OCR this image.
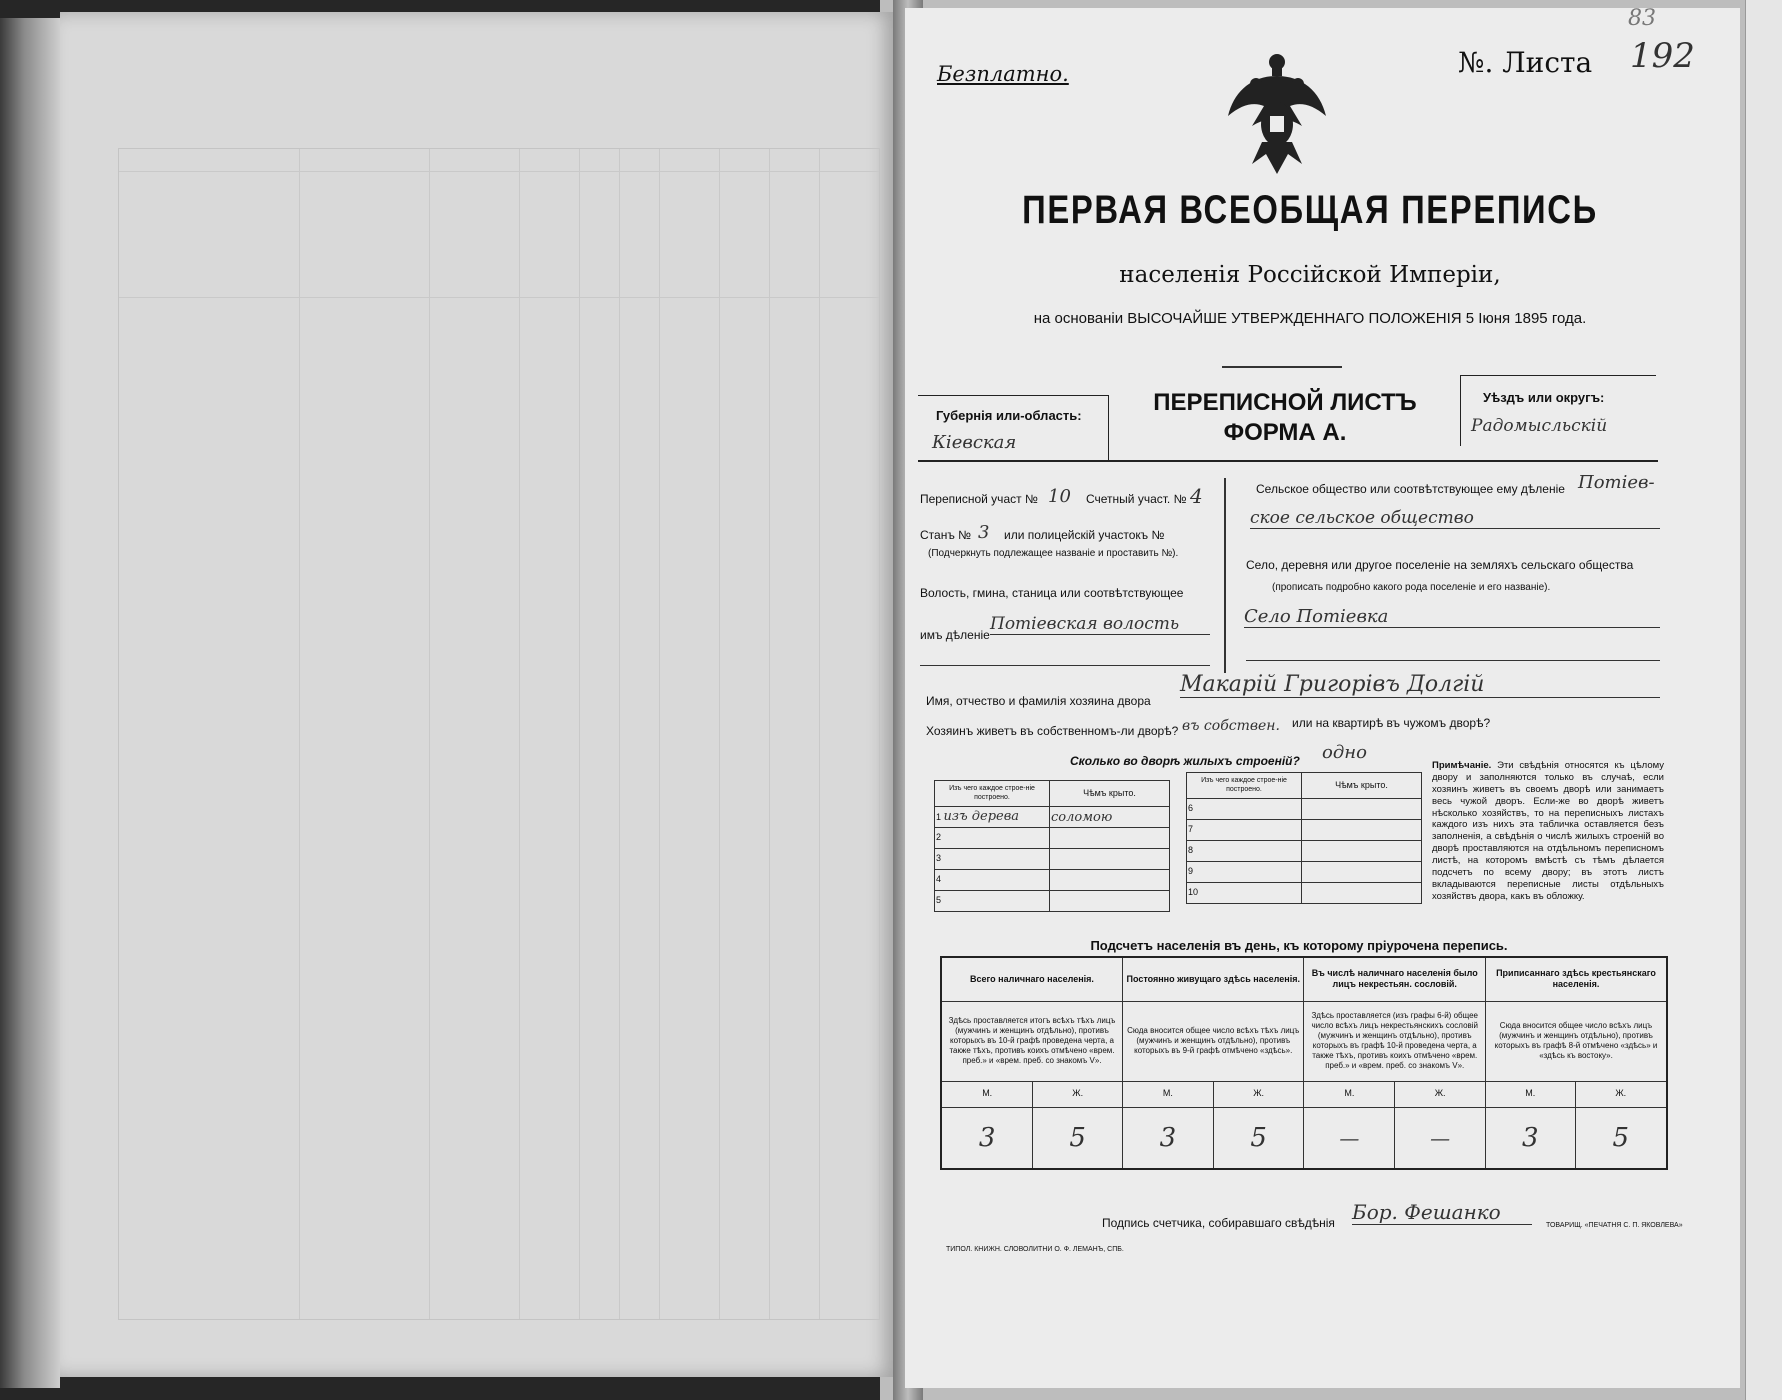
Безплатно.	№. Листа 192
83
ПЕРВАЯ ВСЕОБЩАЯ ПЕРЕПИСЬ
населенія Россійской Имперіи,
на основаніи ВЫСОЧАЙШЕ УТВЕРЖДЕННАГО ПОЛОЖЕНІЯ 5 Іюня 1895 года.
Губернія или-область:
Кіевская
ПЕРЕПИСНОЙ ЛИСТЪ
ФОРМА А.
Уѣздъ или округъ:
Радомысльскій
Переписной участ № 10 Счетный участ. № 4
Станъ № 3 или полицейскій участокъ №
(Подчеркнуть подлежащее названіе и проставить №).
Волость, гмина, станица или соотвѣтствующее
имъ дѣленіе
Потіевская волость
Сельское общество или соотвѣтствующее ему дѣленіе Потіев-
ское сельское общество
Село, деревня или другое поселеніе на земляхъ сельскаго общества
(прописать подробно какого рода поселеніе и его названіе).
Село Потіевка
Имя, отчество и фамилія хозяина двора
Макарій Григорівъ Долгій
Хозяинъ живетъ въ собственномъ-ли дворѣ? въ собствен. или на квартирѣ въ чужомъ дворѣ?
Сколько во дворѣ жилыхъ строеній? одно
Изъ чего каждое строе-ніе построено.	Чѣмъ крыто.
1 изъ дерева	соломою
2	
3	
4	
5	
Изъ чего каждое строе-ніе построено.	Чѣмъ крыто.
6	
7	
8	
9	
10	
Примѣчаніе. Эти свѣдѣнія относятся къ цѣлому двору и заполняются только въ случаѣ, если хозяинъ живетъ въ своемъ дворѣ или занимаетъ весь чужой дворъ. Если-же во дворѣ живетъ нѣсколько хозяйствъ, то на переписныхъ листахъ каждого изъ нихъ эта табличка оставляется безъ заполненія, а свѣдѣнія о числѣ жилыхъ строеній во дворѣ проставляются на отдѣльномъ переписномъ листѣ, на которомъ вмѣстѣ съ тѣмъ дѣлается подсчетъ по всему двору; въ этотъ листъ вкладываются переписные листы отдѣльныхъ хозяйствъ двора, какъ въ обложку.
Подсчетъ населенія въ день, къ которому пріурочена перепись.
Всего наличнаго населенія.		Постоянно живущаго здѣсь населенія.		Въ числѣ наличнаго населенія было лицъ некрестьян. сословій.		Приписаннаго здѣсь крестьянскаго населенія.	
Здѣсь проставляется итогъ всѣхъ тѣхъ лицъ (мужчинъ и женщинъ отдѣльно), противъ которыхъ въ 10-й графѣ проведена черта, а также тѣхъ, противъ коихъ отмѣчено «врем. преб.» и «врем. преб. со знакомъ V».		Сюда вносится общее число всѣхъ тѣхъ лицъ (мужчинъ и женщинъ отдѣльно), противъ которыхъ въ 9-й графѣ отмѣчено «здѣсь».		Здѣсь проставляется (изъ графы 6-й) общее число всѣхъ лицъ некрестьянскихъ сословій (мужчинъ и женщинъ отдѣльно), противъ которыхъ въ графѣ 10-й проведена черта, а также тѣхъ, противъ коихъ отмѣчено «врем. преб.» и «врем. преб. со знакомъ V».		Сюда вносится общее число всѣхъ лицъ (мужчинъ и женщинъ отдѣльно), противъ которыхъ въ графѣ 8-й отмѣчено «здѣсь» и «здѣсь къ востоку».	
М.	Ж.	М.	Ж.	М.	Ж.	М.	Ж.
3	5	3	5	—	—	3	5
Подпись счетчика, собиравшаго свѣдѣнія Бор. Фешанко
ТИПОЛ. КНИЖН. СЛОВОЛИТНИ О. Ф. ЛЕМАНЪ, СПБ.
ТОВАРИЩ. «ПЕЧАТНЯ С. П. ЯКОВЛЕВА»
